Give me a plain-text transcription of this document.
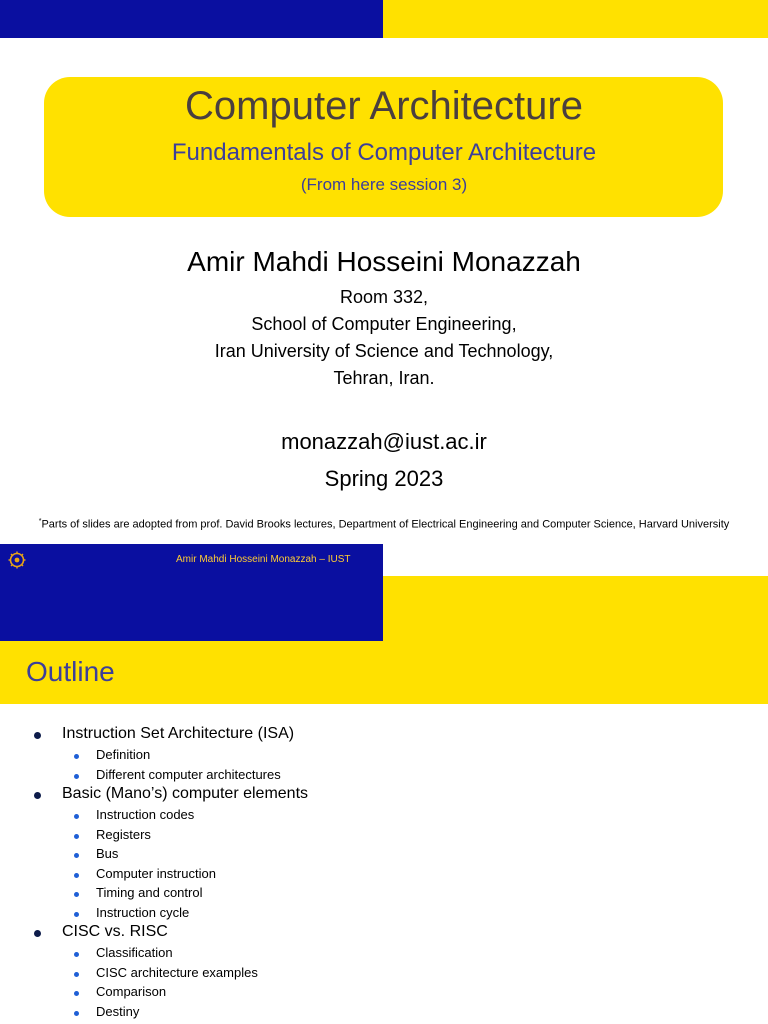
Computer Architecture
Fundamentals of Computer Architecture
(From here session 3)
Amir Mahdi Hosseini Monazzah
Room 332,
School of Computer Engineering,
Iran University of Science and Technology,
Tehran, Iran.
monazzah@iust.ac.ir
Spring 2023
*Parts of slides are adopted from prof. David Brooks lectures, Department of Electrical Engineering and Computer Science, Harvard University
Amir Mahdi Hosseini Monazzah – IUST
Outline
Instruction Set Architecture (ISA)
Definition
Different computer architectures
Basic (Mano’s) computer elements
Instruction codes
Registers
Bus
Computer instruction
Timing and control
Instruction cycle
CISC vs. RISC
Classification
CISC architecture examples
Comparison
Destiny
